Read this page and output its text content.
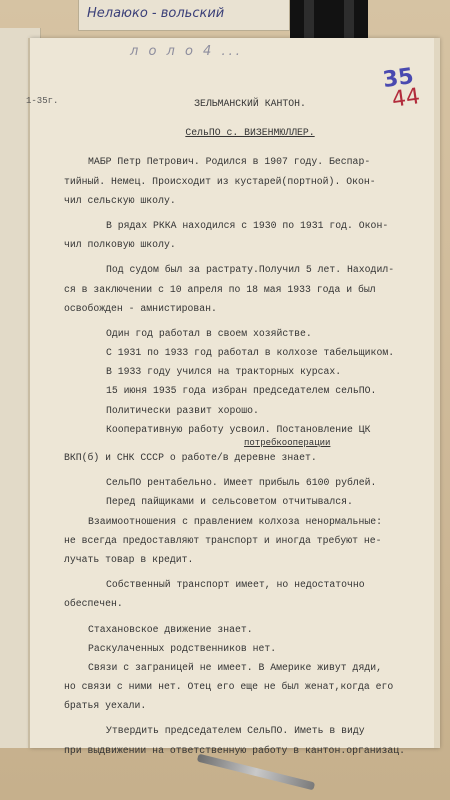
Нелаюко - вольский
л о л о 4 ...
35
44
1-35г.	ЗЕЛЬМАНСКИЙ КАНТОН.
СельПО с. ВИЗЕНМЮЛЛЕР.
МАБР Петр Петрович. Родился в 1907 году. Беспар-
тийный. Немец. Происходит из кустарей(портной). Окон-
чил сельскую школу.
В рядах РККА находился с 1930 по 1931 год. Окон-
чил полковую школу.
Под судом был за растрату.Получил 5 лет. Находил-
ся в заключении с 10 апреля по 18 мая 1933 года и был
освобожден - амнистирован.
Один год работал в своем хозяйстве.
С 1931 по 1933 год работал в колхозе табельщиком.
В 1933 году учился на тракторных курсах.
15 июня 1935 года избран председателем сельПО.
Политически развит хорошо.
Кооперативную работу усвоил. Постановление ЦК
потребкооперации
ВКП(б) и СНК СССР о работе/в деревне знает.
СельПО рентабельно. Имеет прибыль 6100 рублей.
Перед пайщиками и сельсоветом отчитывался.
Взаимоотношения с правлением колхоза ненормальные:
не всегда предоставляют транспорт и иногда требуют не-
лучать товар в кредит.
Собственный транспорт имеет, но недостаточно
обеспечен.
Стахановское движение знает.
Раскулаченных родственников нет.
Связи с заграницей не имеет. В Америке живут дяди,
но связи с ними нет. Отец его еще не был женат,когда его
братья уехали.
Утвердить председателем СельПО. Иметь в виду
при выдвижении на ответственную работу в кантон.организац.
